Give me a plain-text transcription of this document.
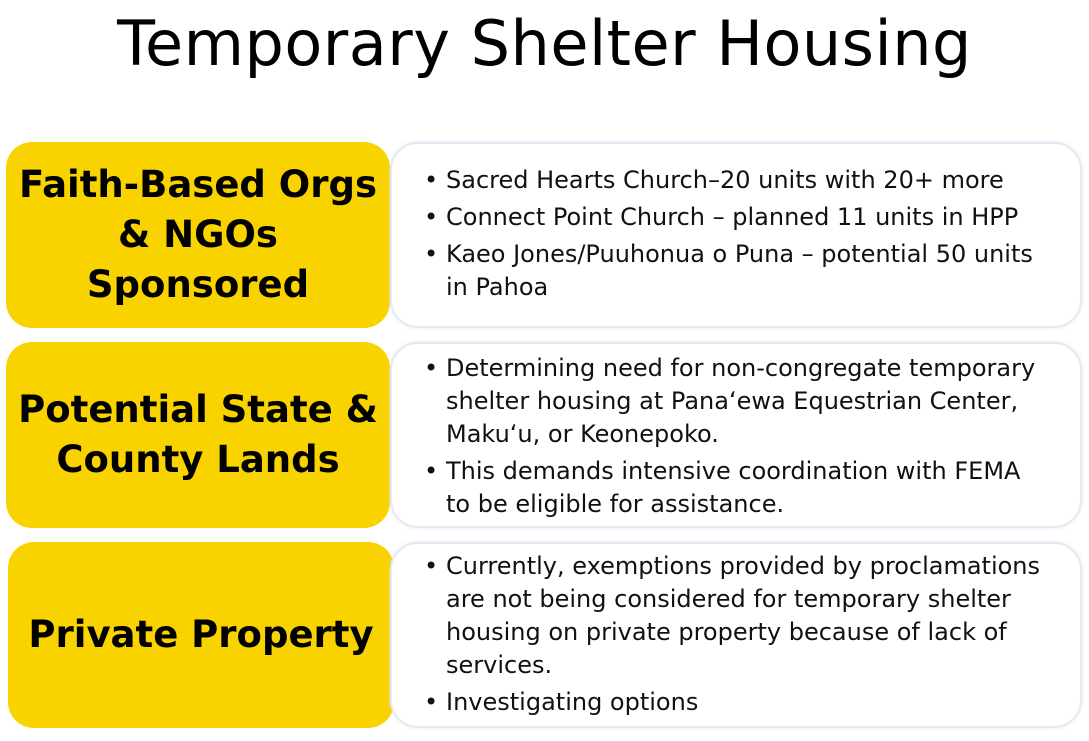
Temporary Shelter Housing
Faith-Based Orgs
& NGOs
Sponsored
• Sacred Hearts Church–20 units with 20+ more
• Connect Point Church – planned 11 units in HPP
• Kaeo Jones/Puuhonua o Puna – potential 50 units in Pahoa
Potential State &
County Lands
• Determining need for non-congregate temporary shelter housing at Panaʻewa Equestrian Center, Makuʻu, or Keonepoko.
• This demands intensive coordination with FEMA to be eligible for assistance.
Private Property
• Currently, exemptions provided by proclamations are not being considered for temporary shelter housing on private property because of lack of services.
• Investigating options
